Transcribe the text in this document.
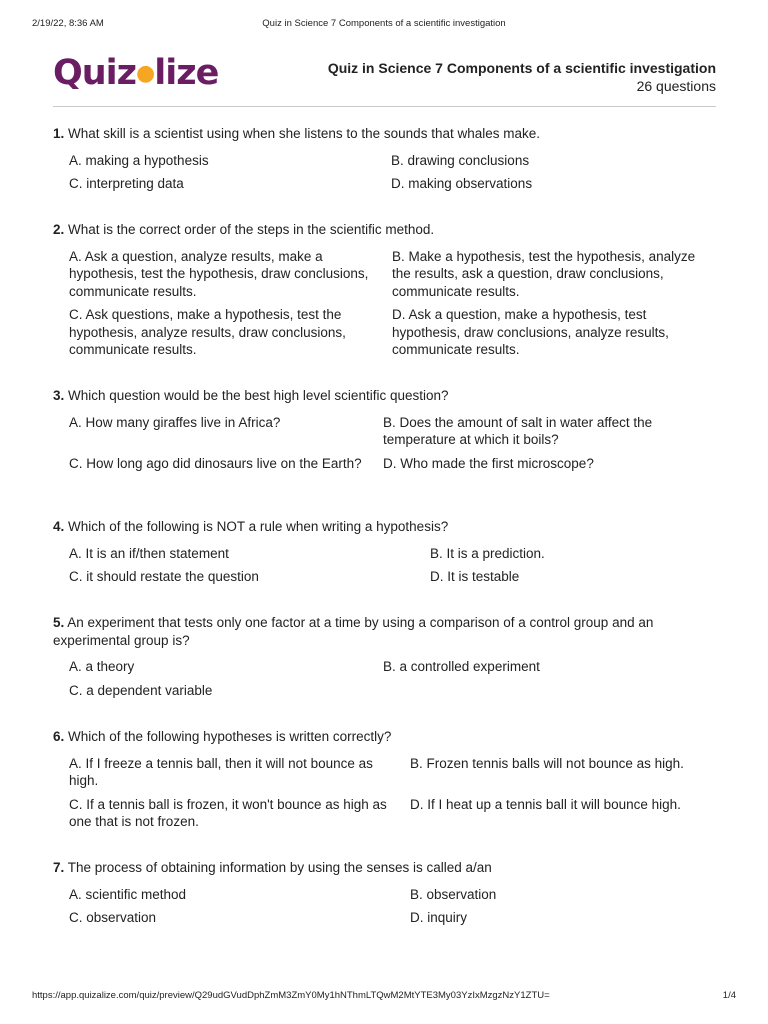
2/19/22, 8:36 AM	Quiz in Science 7 Components of a scientific investigation
Quiz●lize	Quiz in Science 7 Components of a scientific investigation
26 questions
1. What skill is a scientist using when she listens to the sounds that whales make.
A. making a hypothesis	B. drawing conclusions
C. interpreting data	D. making observations
2. What is the correct order of the steps in the scientific method.
A. Ask a question, analyze results, make a hypothesis, test the hypothesis, draw conclusions, communicate results.
B. Make a hypothesis, test the hypothesis, analyze the results, ask a question, draw conclusions, communicate results.
C. Ask questions, make a hypothesis, test the hypothesis, analyze results, draw conclusions, communicate results.
D. Ask a question, make a hypothesis, test hypothesis, draw conclusions, analyze results, communicate results.
3. Which question would be the best high level scientific question?
A. How many giraffes live in Africa?	B. Does the amount of salt in water affect the temperature at which it boils?
C. How long ago did dinosaurs live on the Earth?	D. Who made the first microscope?
4. Which of the following is NOT a rule when writing a hypothesis?
A. It is an if/then statement	B. It is a prediction.
C. it should restate the question	D. It is testable
5. An experiment that tests only one factor at a time by using a comparison of a control group and an experimental group is?
A. a theory	B. a controlled experiment
C. a dependent variable
6. Which of the following hypotheses is written correctly?
A. If I freeze a tennis ball, then it will not bounce as high.
B. Frozen tennis balls will not bounce as high.
C. If a tennis ball is frozen, it won't bounce as high as one that is not frozen.
D. If I heat up a tennis ball it will bounce high.
7. The process of obtaining information by using the senses is called a/an
A. scientific method	B. observation
C. observation	D. inquiry
https://app.quizalize.com/quiz/preview/Q29udGVudDphZmM3ZmY0My1hNThmLTQwM2MtYTE3My03YzIxMzgzNzY1ZTU=	1/4
